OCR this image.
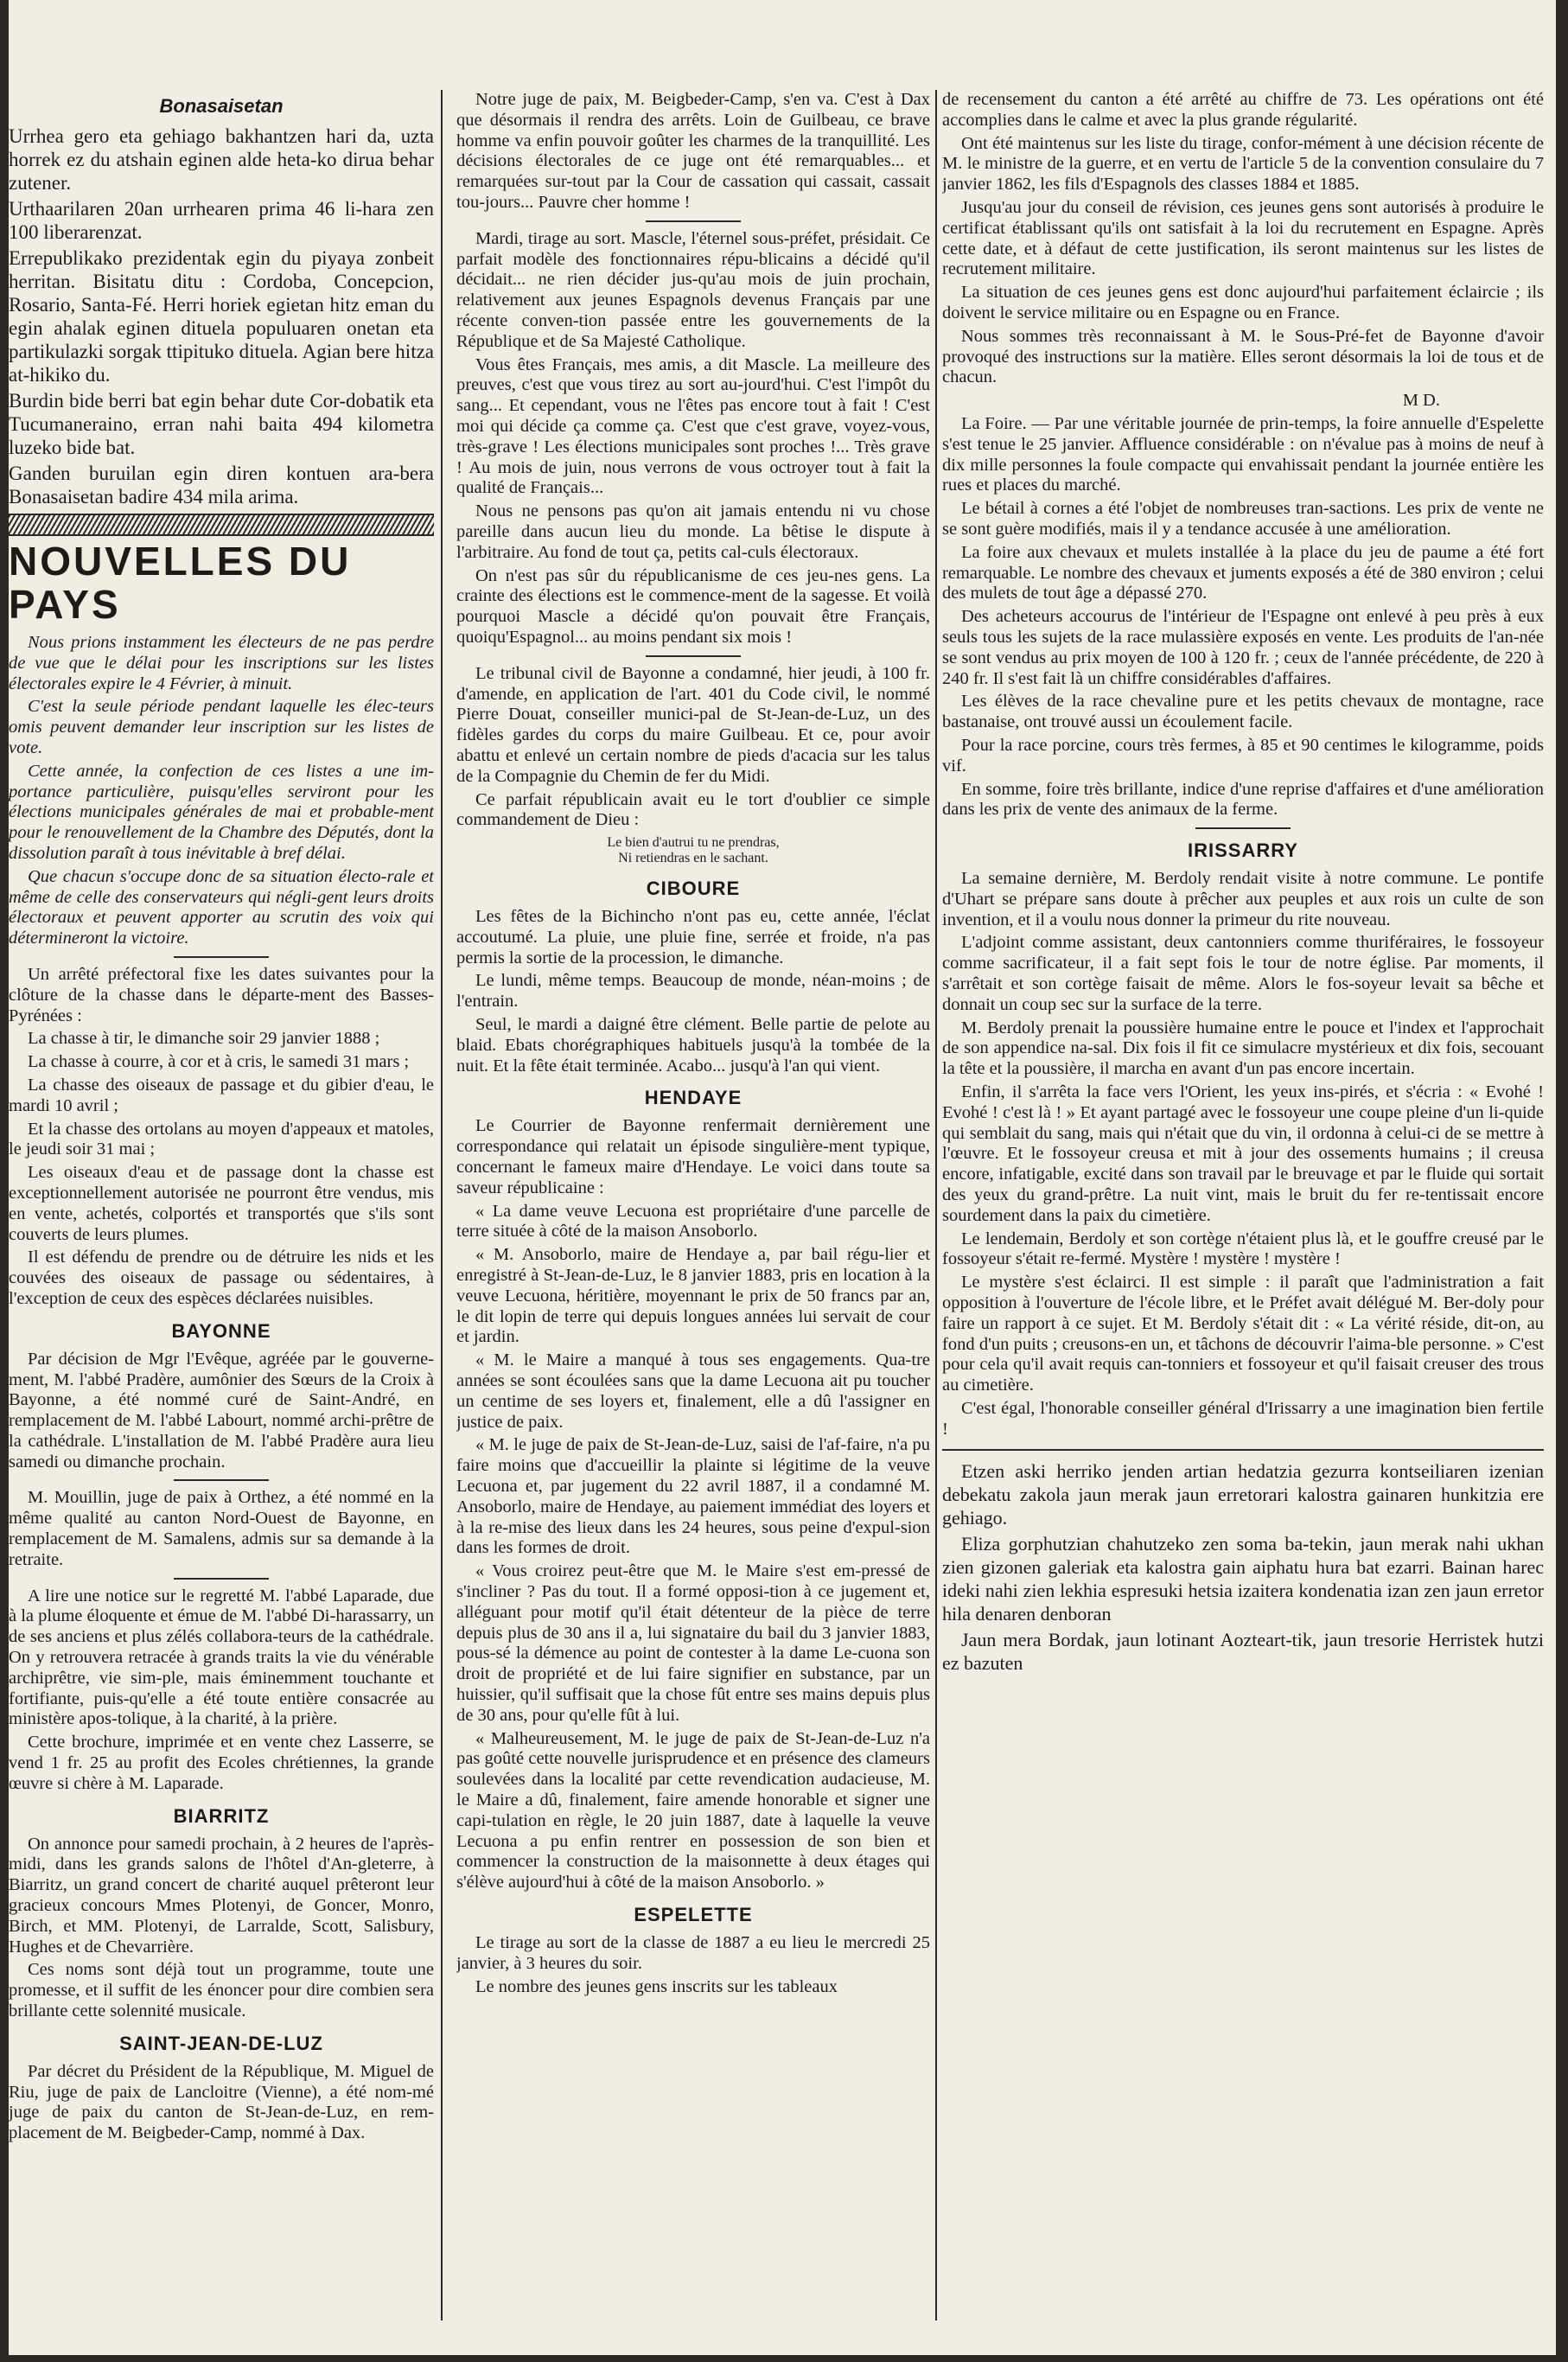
Bonasaisetan

Urrhea gero eta gehiago bakhantzen hari da, uzta horrek ez du atshain eginen alde heta-ko dirua behar zutener.

Urthaarilaren 20an urrhearen prima 46 li-hara zen 100 liberarenzat.

Errepublikako prezidentak egin du piyaya zonbeit herritan. Bisitatu ditu : Cordoba, Concepcion, Rosario, Santa-Fé. Herri horiek egietan hitz eman du egin ahalak eginen dituela populuaren onetan eta partikulazki sorgak ttipituko dituela. Agian bere hitza at-hikiko du.

Burdin bide berri bat egin behar dute Cor-dobatik eta Tucumaneraino, erran nahi baita 494 kilometra luzeko bide bat.

Ganden buruilan egin diren kontuen ara-bera Bonasaisetan badire 434 mila arima.

NOUVELLES DU PAYS

Nous prions instamment les électeurs de ne pas perdre de vue que le délai pour les inscriptions sur les listes électorales expire le 4 Février, à minuit.

C'est la seule période pendant laquelle les élec-teurs omis peuvent demander leur inscription sur les listes de vote.

Cette année, la confection de ces listes a une im-portance particulière, puisqu'elles serviront pour les élections municipales générales de mai et probable-ment pour le renouvellement de la Chambre des Députés, dont la dissolution paraît à tous inévitable à bref délai.

Que chacun s'occupe donc de sa situation électo-rale et même de celle des conservateurs qui négli-gent leurs droits électoraux et peuvent apporter au scrutin des voix qui détermineront la victoire.

Un arrêté préfectoral fixe les dates suivantes pour la clôture de la chasse dans le départe-ment des Basses-Pyrénées :

La chasse à tir, le dimanche soir 29 janvier 1888 ;

La chasse à courre, à cor et à cris, le samedi 31 mars ;

La chasse des oiseaux de passage et du gibier d'eau, le mardi 10 avril ;

Et la chasse des ortolans au moyen d'appeaux et matoles, le jeudi soir 31 mai ;

Les oiseaux d'eau et de passage dont la chasse est exceptionnellement autorisée ne pourront être vendus, mis en vente, achetés, colportés et transportés que s'ils sont couverts de leurs plumes.

Il est défendu de prendre ou de détruire les nids et les couvées des oiseaux de passage ou sédentaires, à l'exception de ceux des espèces déclarées nuisibles.

BAYONNE

Par décision de Mgr l'Evêque, agréée par le gouverne-ment, M. l'abbé Pradère, aumônier des Sœurs de la Croix à Bayonne, a été nommé curé de Saint-André, en remplacement de M. l'abbé Labourt, nommé archi-prêtre de la cathédrale. L'installation de M. l'abbé Pradère aura lieu samedi ou dimanche prochain.

M. Mouillin, juge de paix à Orthez, a été nommé en la même qualité au canton Nord-Ouest de Bayonne, en remplacement de M. Samalens, admis sur sa demande à la retraite.

A lire une notice sur le regretté M. l'abbé Laparade, due à la plume éloquente et émue de M. l'abbé Di-harassarry, un de ses anciens et plus zélés collabora-teurs de la cathédrale. On y retrouvera retracée à grands traits la vie du vénérable archiprêtre, vie sim-ple, mais éminemment touchante et fortifiante, puis-qu'elle a été toute entière consacrée au ministère apos-tolique, à la charité, à la prière.

Cette brochure, imprimée et en vente chez Lasserre, se vend 1 fr. 25 au profit des Ecoles chrétiennes, la grande œuvre si chère à M. Laparade.

BIARRITZ

On annonce pour samedi prochain, à 2 heures de l'après-midi, dans les grands salons de l'hôtel d'An-gleterre, à Biarritz, un grand concert de charité auquel prêteront leur gracieux concours Mmes Plotenyi, de Goncer, Monro, Birch, et MM. Plotenyi, de Larralde, Scott, Salisbury, Hughes et de Chevarrière.

Ces noms sont déjà tout un programme, toute une promesse, et il suffit de les énoncer pour dire combien sera brillante cette solennité musicale.

SAINT-JEAN-DE-LUZ

Par décret du Président de la République, M. Miguel de Riu, juge de paix de Lancloitre (Vienne), a été nom-mé juge de paix du canton de St-Jean-de-Luz, en rem-placement de M. Beigbeder-Camp, nommé à Dax.

Notre juge de paix, M. Beigbeder-Camp, s'en va. C'est à Dax que désormais il rendra des arrêts. Loin de Guilbeau, ce brave homme va enfin pouvoir goûter les charmes de la tranquillité. Les décisions électorales de ce juge ont été remarquables... et remarquées sur-tout par la Cour de cassation qui cassait, cassait tou-jours... Pauvre cher homme !

Mardi, tirage au sort. Mascle, l'éternel sous-préfet, présidait. Ce parfait modèle des fonctionnaires répu-blicains a décidé qu'il décidait... ne rien décider jus-qu'au mois de juin prochain, relativement aux jeunes Espagnols devenus Français par une récente conven-tion passée entre les gouvernements de la République et de Sa Majesté Catholique.

Vous êtes Français, mes amis, a dit Mascle. La meilleure des preuves, c'est que vous tirez au sort au-jourd'hui. C'est l'impôt du sang... Et cependant, vous ne l'êtes pas encore tout à fait ! C'est moi qui décide ça comme ça. C'est que c'est grave, voyez-vous, très-grave ! Les élections municipales sont proches !... Très grave ! Au mois de juin, nous verrons de vous octroyer tout à fait la qualité de Français...

Nous ne pensons pas qu'on ait jamais entendu ni vu chose pareille dans aucun lieu du monde. La bêtise le dispute à l'arbitraire. Au fond de tout ça, petits cal-culs électoraux.

On n'est pas sûr du républicanisme de ces jeu-nes gens. La crainte des élections est le commence-ment de la sagesse. Et voilà pourquoi Mascle a décidé qu'on pouvait être Français, quoiqu'Espagnol... au moins pendant six mois !

Le tribunal civil de Bayonne a condamné, hier jeudi, à 100 fr. d'amende, en application de l'art. 401 du Code civil, le nommé Pierre Douat, conseiller munici-pal de St-Jean-de-Luz, un des fidèles gardes du corps du maire Guilbeau. Et ce, pour avoir abattu et enlevé un certain nombre de pieds d'acacia sur les talus de la Compagnie du Chemin de fer du Midi.

Ce parfait républicain avait eu le tort d'oublier ce simple commandement de Dieu :

Le bien d'autrui tu ne prendras,
Ni retiendras en le sachant.
CIBOURE

Les fêtes de la Bichincho n'ont pas eu, cette année, l'éclat accoutumé. La pluie, une pluie fine, serrée et froide, n'a pas permis la sortie de la procession, le dimanche.

Le lundi, même temps. Beaucoup de monde, néan-moins ; de l'entrain.

Seul, le mardi a daigné être clément. Belle partie de pelote au blaid. Ebats chorégraphiques habituels jusqu'à la tombée de la nuit. Et la fête était terminée. Acabo... jusqu'à l'an qui vient.

HENDAYE

Le Courrier de Bayonne renfermait dernièrement une correspondance qui relatait un épisode singulière-ment typique, concernant le fameux maire d'Hendaye. Le voici dans toute sa saveur républicaine :

« La dame veuve Lecuona est propriétaire d'une parcelle de terre située à côté de la maison Ansoborlo.

« M. Ansoborlo, maire de Hendaye a, par bail régu-lier et enregistré à St-Jean-de-Luz, le 8 janvier 1883, pris en location à la veuve Lecuona, héritière, moyennant le prix de 50 francs par an, le dit lopin de terre qui depuis longues années lui servait de cour et jardin.

« M. le Maire a manqué à tous ses engagements. Qua-tre années se sont écoulées sans que la dame Lecuona ait pu toucher un centime de ses loyers et, finalement, elle a dû l'assigner en justice de paix.

« M. le juge de paix de St-Jean-de-Luz, saisi de l'af-faire, n'a pu faire moins que d'accueillir la plainte si légitime de la veuve Lecuona et, par jugement du 22 avril 1887, il a condamné M. Ansoborlo, maire de Hendaye, au paiement immédiat des loyers et à la re-mise des lieux dans les 24 heures, sous peine d'expul-sion dans les formes de droit.

« Vous croirez peut-être que M. le Maire s'est em-pressé de s'incliner ? Pas du tout. Il a formé opposi-tion à ce jugement et, alléguant pour motif qu'il était détenteur de la pièce de terre depuis plus de 30 ans il a, lui signataire du bail du 3 janvier 1883, pous-sé la démence au point de contester à la dame Le-cuona son droit de propriété et de lui faire signifier en substance, par un huissier, qu'il suffisait que la chose fût entre ses mains depuis plus de 30 ans, pour qu'elle fût à lui.

« Malheureusement, M. le juge de paix de St-Jean-de-Luz n'a pas goûté cette nouvelle jurisprudence et en présence des clameurs soulevées dans la localité par cette revendication audacieuse, M. le Maire a dû, finalement, faire amende honorable et signer une capi-tulation en règle, le 20 juin 1887, date à laquelle la veuve Lecuona a pu enfin rentrer en possession de son bien et commencer la construction de la maisonnette à deux étages qui s'élève aujourd'hui à côté de la maison Ansoborlo. »

ESPELETTE

Le tirage au sort de la classe de 1887 a eu lieu le mercredi 25 janvier, à 3 heures du soir.

Le nombre des jeunes gens inscrits sur les tableaux

de recensement du canton a été arrêté au chiffre de 73. Les opérations ont été accomplies dans le calme et avec la plus grande régularité.

Ont été maintenus sur les liste du tirage, confor-mément à une décision récente de M. le ministre de la guerre, et en vertu de l'article 5 de la convention consulaire du 7 janvier 1862, les fils d'Espagnols des classes 1884 et 1885.

Jusqu'au jour du conseil de révision, ces jeunes gens sont autorisés à produire le certificat établissant qu'ils ont satisfait à la loi du recrutement en Espagne. Après cette date, et à défaut de cette justification, ils seront maintenus sur les listes de recrutement militaire.

La situation de ces jeunes gens est donc aujourd'hui parfaitement éclaircie ; ils doivent le service militaire ou en Espagne ou en France.

Nous sommes très reconnaissant à M. le Sous-Pré-fet de Bayonne d'avoir provoqué des instructions sur la matière. Elles seront désormais la loi de tous et de chacun.

M D.

La Foire. — Par une véritable journée de prin-temps, la foire annuelle d'Espelette s'est tenue le 25 janvier. Affluence considérable : on n'évalue pas à moins de neuf à dix mille personnes la foule compacte qui envahissait pendant la journée entière les rues et places du marché.

Le bétail à cornes a été l'objet de nombreuses tran-sactions. Les prix de vente ne se sont guère modifiés, mais il y a tendance accusée à une amélioration.

La foire aux chevaux et mulets installée à la place du jeu de paume a été fort remarquable. Le nombre des chevaux et juments exposés a été de 380 environ ; celui des mulets de tout âge a dépassé 270.

Des acheteurs accourus de l'intérieur de l'Espagne ont enlevé à peu près à eux seuls tous les sujets de la race mulassière exposés en vente. Les produits de l'an-née se sont vendus au prix moyen de 100 à 120 fr. ; ceux de l'année précédente, de 220 à 240 fr. Il s'est fait là un chiffre considérables d'affaires.

Les élèves de la race chevaline pure et les petits chevaux de montagne, race bastanaise, ont trouvé aussi un écoulement facile.

Pour la race porcine, cours très fermes, à 85 et 90 centimes le kilogramme, poids vif.

En somme, foire très brillante, indice d'une reprise d'affaires et d'une amélioration dans les prix de vente des animaux de la ferme.

IRISSARRY

La semaine dernière, M. Berdoly rendait visite à notre commune. Le pontife d'Uhart se prépare sans doute à prêcher aux peuples et aux rois un culte de son invention, et il a voulu nous donner la primeur du rite nouveau.

L'adjoint comme assistant, deux cantonniers comme thuriféraires, le fossoyeur comme sacrificateur, il a fait sept fois le tour de notre église. Par moments, il s'arrêtait et son cortège faisait de même. Alors le fos-soyeur levait sa bêche et donnait un coup sec sur la surface de la terre.

M. Berdoly prenait la poussière humaine entre le pouce et l'index et l'approchait de son appendice na-sal. Dix fois il fit ce simulacre mystérieux et dix fois, secouant la tête et la poussière, il marcha en avant d'un pas encore incertain.

Enfin, il s'arrêta la face vers l'Orient, les yeux ins-pirés, et s'écria : « Evohé ! Evohé ! c'est là ! » Et ayant partagé avec le fossoyeur une coupe pleine d'un li-quide qui semblait du sang, mais qui n'était que du vin, il ordonna à celui-ci de se mettre à l'œuvre. Et le fossoyeur creusa et mit à jour des ossements humains ; il creusa encore, infatigable, excité dans son travail par le breuvage et par le fluide qui sortait des yeux du grand-prêtre. La nuit vint, mais le bruit du fer re-tentissait encore sourdement dans la paix du cimetière.

Le lendemain, Berdoly et son cortège n'étaient plus là, et le gouffre creusé par le fossoyeur s'était re-fermé. Mystère ! mystère ! mystère !

Le mystère s'est éclairci. Il est simple : il paraît que l'administration a fait opposition à l'ouverture de l'école libre, et le Préfet avait délégué M. Ber-doly pour faire un rapport à ce sujet. Et M. Berdoly s'était dit : « La vérité réside, dit-on, au fond d'un puits ; creusons-en un, et tâchons de découvrir l'aima-ble personne. » C'est pour cela qu'il avait requis can-tonniers et fossoyeur et qu'il faisait creuser des trous au cimetière.

C'est égal, l'honorable conseiller général d'Irissarry a une imagination bien fertile !

Etzen aski herriko jenden artian hedatzia gezurra kontseiliaren izenian debekatu zakola jaun merak jaun erretorari kalostra gainaren hunkitzia ere gehiago.

Eliza gorphutzian chahutzeko zen soma ba-tekin, jaun merak nahi ukhan zien gizonen galeriak eta kalostra gain aiphatu hura bat ezarri. Bainan harec ideki nahi zien lekhia espresuki hetsia izaitera kondenatia izan zen jaun erretor hila denaren denboran

Jaun mera Bordak, jaun lotinant Aozteart-tik, jaun tresorie Herristek hutzi ez bazuten
